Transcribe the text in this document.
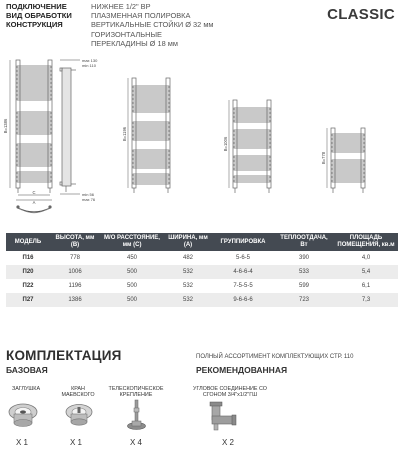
ПОДКЛЮЧЕНИЕ
ВИД ОБРАБОТКИ
КОНСТРУКЦИЯ
НИЖНЕЕ 1/2" ВР
ПЛАЗМЕННАЯ ПОЛИРОВКА
ВЕРТИКАЛЬНЫЕ СТОЙКИ Ø 32 мм
ГОРИЗОНТАЛЬНЫЕ
ПЕРЕКЛАДИНЫ Ø 18 мм
CLASSIC
B=1386
C
A
max 130
min 110
min 56
max 76
B=1196
B=1006
B=778
МОДЕЛЬ	ВЫСОТА, мм (B)	М/О РАССТОЯНИЕ, мм (C)	ШИРИНА, мм (A)	ГРУППИРОВКА	ТЕПЛООТДАЧА, Вт	ПЛОЩАДЬ ПОМЕЩЕНИЯ, кв.м
П16	778	450	482	5-6-5	390	4,0
П20	1006	500	532	4-6-6-4	533	5,4
П22	1196	500	532	7-5-5-5	599	6,1
П27	1386	500	532	9-6-6-6	723	7,3
КОМПЛЕКТАЦИЯ
БАЗОВАЯ
ПОЛНЫЙ АССОРТИМЕНТ КОМПЛЕКТУЮЩИХ СТР. 110
РЕКОМЕНДОВАННАЯ
ЗАГЛУШКА
Х 1
КРАН МАЕВСКОГО
Х 1
ТЕЛЕСКОПИЧЕСКОЕ КРЕПЛЕНИЕ
Х 4
УГЛОВОЕ СОЕДИНЕНИЕ СО СГОНОМ 3/4"х1/2"ГШ
Х 2
